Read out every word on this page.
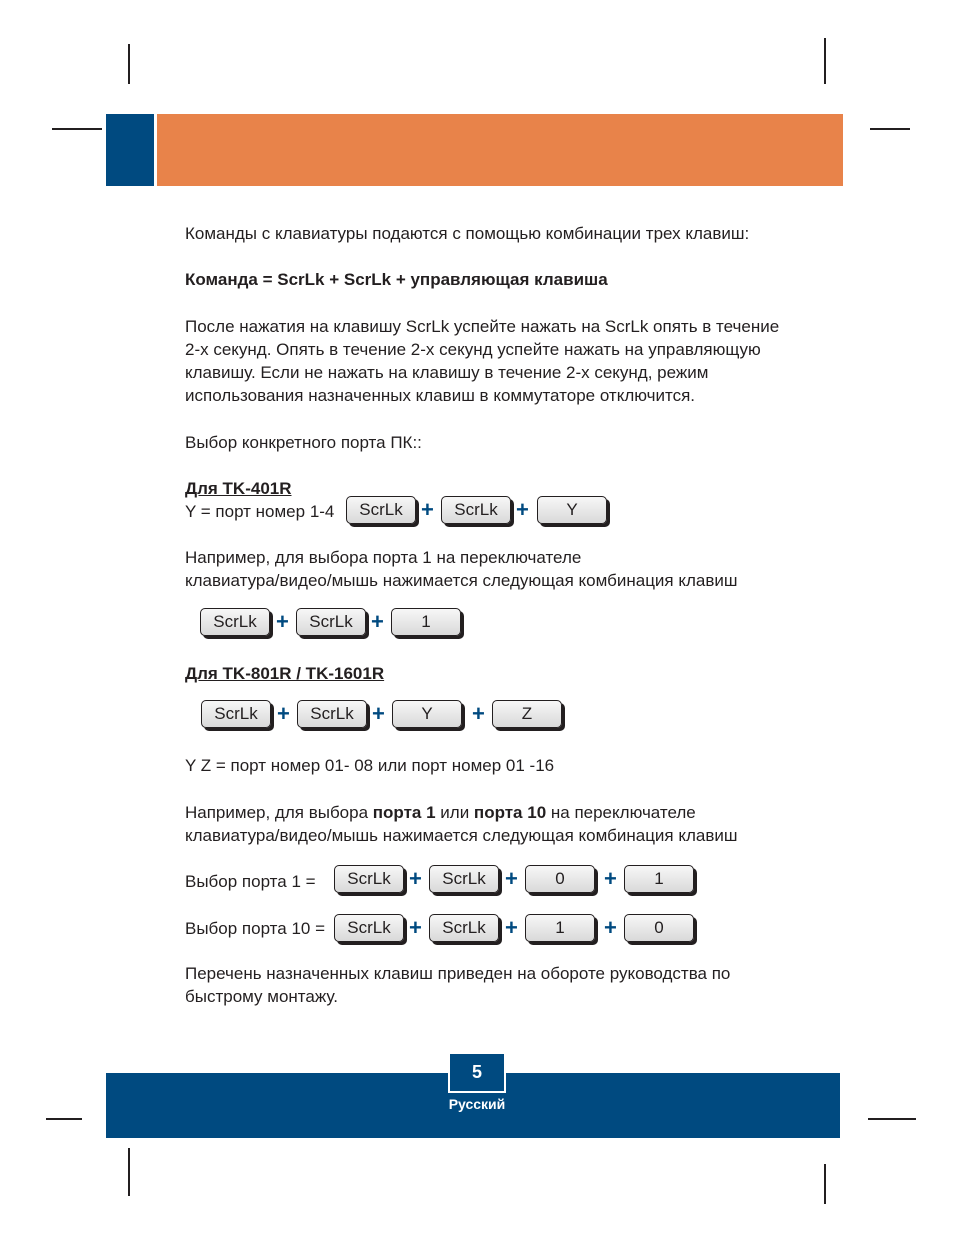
Команды с клавиатуры подаются с помощью комбинации трех клавиш:
Команда = ScrLk + ScrLk + управляющая клавиша
После нажатия на клавишу ScrLk успейте нажать на ScrLk опять в течение
2-х секунд. Опять в течение 2-х секунд успейте нажать на управляющую
клавишу. Если не нажать на клавишу в течение 2-х секунд, режим
использования назначенных клавиш в коммутаторе отключится.
Выбор конкретного порта ПК::
Для TK-401R
Y = порт номер 1-4	ScrLk +	ScrLk +	Y
Например, для выбора порта 1 на переключателе
клавиатура/видео/мышь нажимается следующая комбинация клавиш
ScrLk +	ScrLk +	1
Для TK-801R / TK-1601R
ScrLk +	ScrLk +	Y	+	Z
Y Z = порт номер 01- 08 или порт номер 01 -16
Например, для выбора порта 1 или порта 10 на переключателе
клавиатура/видео/мышь нажимается следующая комбинация клавиш
Выбор порта 1 =	ScrLk +	ScrLk +	0	+	1
Выбор порта 10 =	ScrLk +	ScrLk +	1	+	0
Перечень назначенных клавиш приведен на обороте руководства по
быстрому монтажу.
5
Русский
